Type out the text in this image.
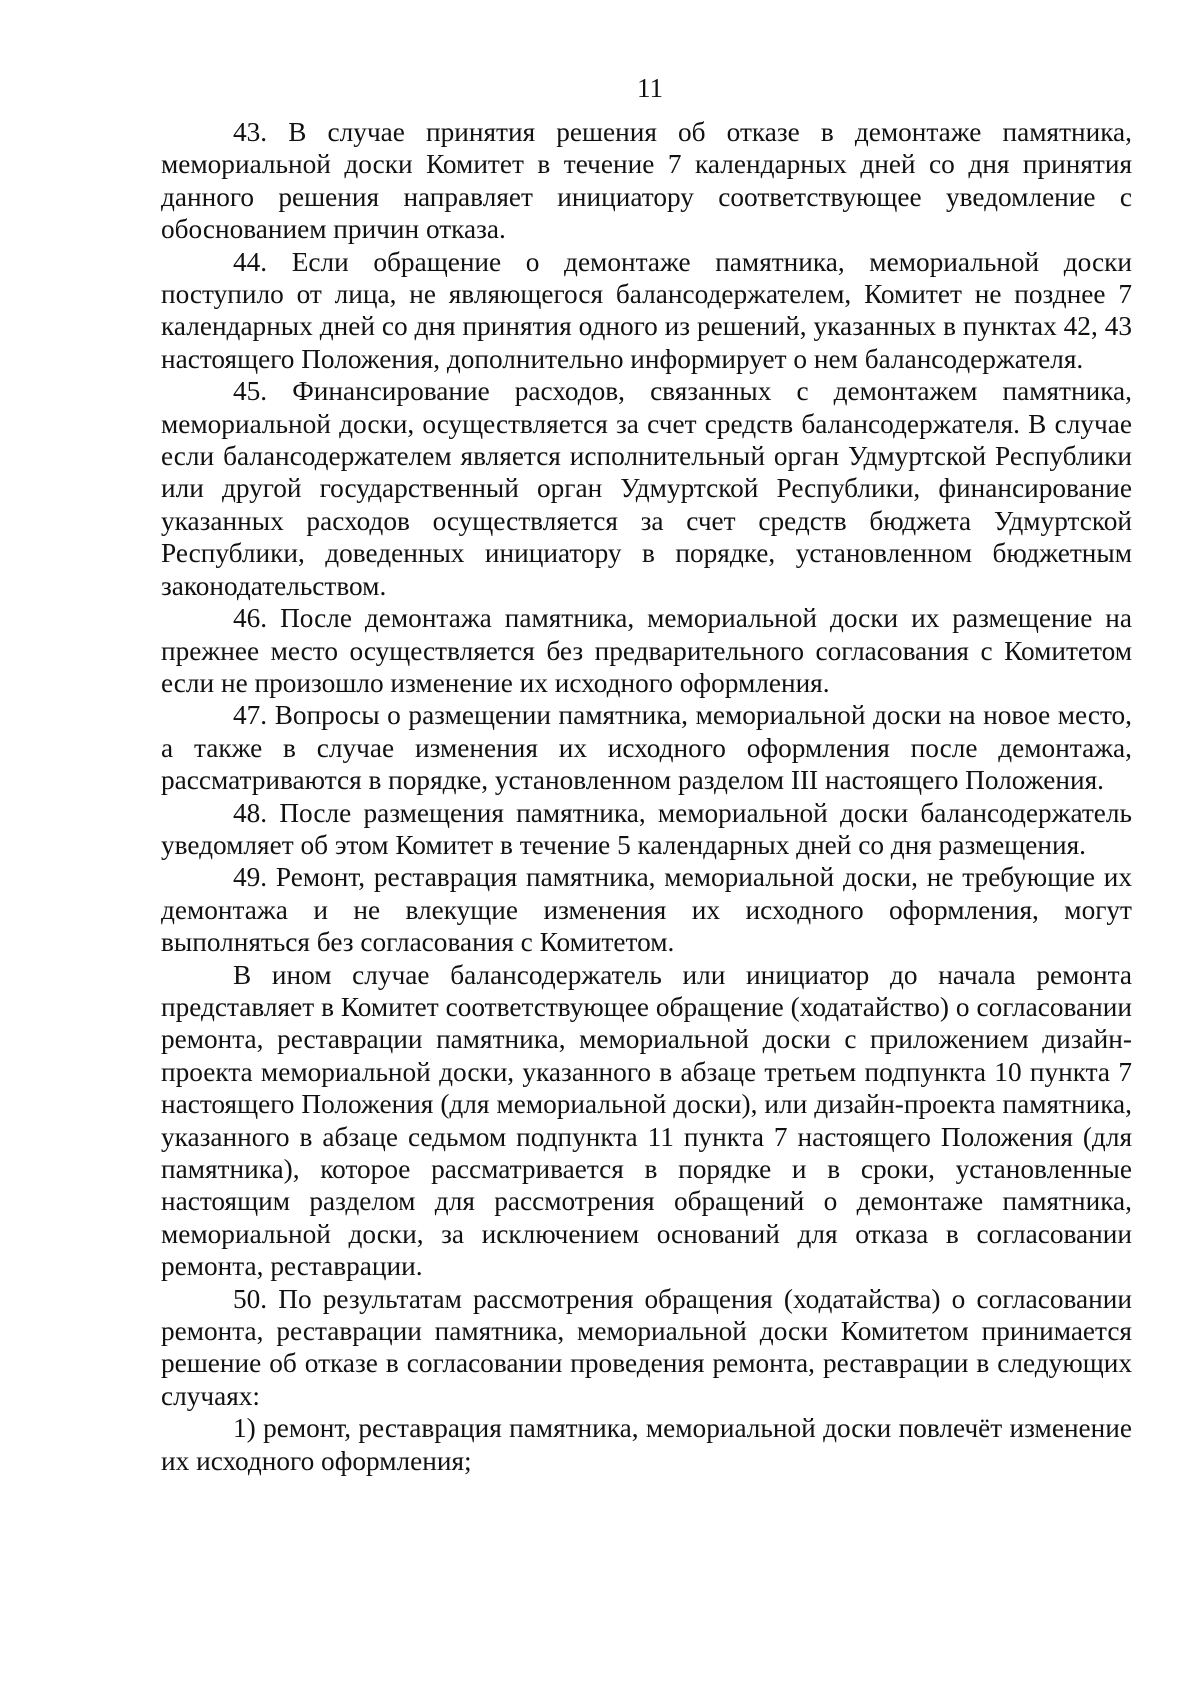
11

43. В случае принятия решения об отказе в демонтаже памятника, мемориальной доски Комитет в течение 7 календарных дней со дня принятия данного решения направляет инициатору соответствующее уведомление с обоснованием причин отказа.

44. Если обращение о демонтаже памятника, мемориальной доски поступило от лица, не являющегося балансодержателем, Комитет не позднее 7 календарных дней со дня принятия одного из решений, указанных в пунктах 42, 43 настоящего Положения, дополнительно информирует о нем балансодержателя.

45. Финансирование расходов, связанных с демонтажем памятника, мемориальной доски, осуществляется за счет средств балансодержателя. В случае если балансодержателем является исполнительный орган Удмуртской Республики или другой государственный орган Удмуртской Республики, финансирование указанных расходов осуществляется за счет средств бюджета Удмуртской Республики, доведенных инициатору в порядке, установленном бюджетным законодательством.

46. После демонтажа памятника, мемориальной доски их размещение на прежнее место осуществляется без предварительного согласования с Комитетом если не произошло изменение их исходного оформления.

47. Вопросы о размещении памятника, мемориальной доски на новое место, а также в случае изменения их исходного оформления после демонтажа, рассматриваются в порядке, установленном разделом III настоящего Положения.

48. После размещения памятника, мемориальной доски балансодержатель уведомляет об этом Комитет в течение 5 календарных дней со дня размещения.

49. Ремонт, реставрация памятника, мемориальной доски, не требующие их демонтажа и не влекущие изменения их исходного оформления, могут выполняться без согласования с Комитетом.

В ином случае балансодержатель или инициатор до начала ремонта представляет в Комитет соответствующее обращение (ходатайство) о согласовании ремонта, реставрации памятника, мемориальной доски с приложением дизайн-проекта мемориальной доски, указанного в абзаце третьем подпункта 10 пункта 7 настоящего Положения (для мемориальной доски), или дизайн-проекта памятника, указанного в абзаце седьмом подпункта 11 пункта 7 настоящего Положения (для памятника), которое рассматривается в порядке и в сроки, установленные настоящим разделом для рассмотрения обращений о демонтаже памятника, мемориальной доски, за исключением оснований для отказа в согласовании ремонта, реставрации.

50. По результатам рассмотрения обращения (ходатайства) о согласовании ремонта, реставрации памятника, мемориальной доски Комитетом принимается решение об отказе в согласовании проведения ремонта, реставрации в следующих случаях:

1) ремонт, реставрация памятника, мемориальной доски повлечёт изменение их исходного оформления;
